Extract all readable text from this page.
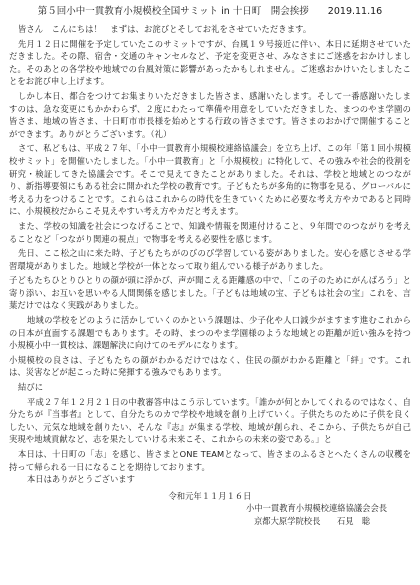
第５回小中一貫教育小規模校全国サミット in 十日町　開会挨拶　　2019.11.16

皆さん　こんにちは！　まずは、お詫びとそしてお礼をさせていただきます。

先月１２日に開催を予定していたこのサミットですが、台風１９号接近に伴い、本日に延期させていただきました。その際、宿舎・交通のキャンセルなど、予定を変更させ、みなさまにご迷惑をおかけしました。そのあとの各学校や地域での台風対策に影響があったかもしれません。ご迷惑おかけいたしましたことをお詫び申し上げます。

しかし本日、都合をつけてお集まりいただきました皆さま、感謝いたします。そして一番感謝いたしますのは、急な変更にもかかわらず、２度にわたって準備や用意をしていただきました、まつのやま学園の皆さま、地域の皆さま、十日町市市長様を始めとする行政の皆さまです。皆さまのおかげで開催することができます。ありがとうございます。（礼）

さて、私どもは、平成２７年、「小中一貫教育小規模校連絡協議会」を立ち上げ、この年「第１回小規模校サミット」を開催いたしました。「小中一貫教育」と「小規模校」に特化して、その強みや社会的役割を研究・検証してきた協議会です。そこで見えてきたことがありました。それは、学校と地域とのつながり、新指導要領にもある社会に開かれた学校の教育です。子どもたちが多角的に物事を見る、グローバルに考える力をつけることです。これらはこれからの時代を生きていくために必要な考え方やカであると同時に、小規模校だからこそ見えやすい考え方やカだと考えます。

また、学校の知識を社会につなげることで、知識や情報を関連付けること、９年間でのつながりを考えることなど「つながり関連の視点」で物事を考える必要性を感じます。

先日、ここ松之山に来た時、子どもたちがのびのび学習している姿がありました。安心を感じさせる学習環境がありました。地域と学校が一体となって取り組んでいる様子がありました。

子どもたちひとりひとりの顔が頭に浮かび、声が聞こえる距離感の中で、「この子のためにがんばろう」と寄り添い、お互いを思いやる人間関係を感じました。「子どもは地域の宝、子どもは社会の宝」これを、言葉だけではなく実践がありました。

地域の学校をどのように活かしていくのかという課題は、少子化や人口減少がますます進むこれからの日本が直面する課題でもあります。その時、まつのやま学園様のような地域との距離が近い強みを持つ小規模小中一貫校は、課題解決に向けてのモデルになります。

小規模校の良さは、子どもたちの顔がわかるだけではなく、住民の顔がわかる距離と「絆」です。これは、災害などが起こった時に発揮する強みでもあります。

結びに

平成２７年１２月２１日の中教審答申はこう示しています。「誰かが何とかしてくれるのではなく、自分たちが『当事者』として、自分たちのカで学校や地域を創り上げていく。子供たちのために子供を良くしたい、元気な地域を創りたい、そんな『志』が集まる学校、地域が創られ、そこから、子供たちが自己実現や地域貢献など、志を果たしていける未来こそ、これからの未来の姿である。」と

本日は、十日町の「志」を感じ、皆さまとONE TEAMとなって、皆さまのふるさとへたくさんの収穫を持って帰られる一日になることを期待しております。

本日はありがとうございます

令和元年１１月１６日
小中一貫教育小規模校連絡協議会会長
京都大原学院校長　　石見　聡
